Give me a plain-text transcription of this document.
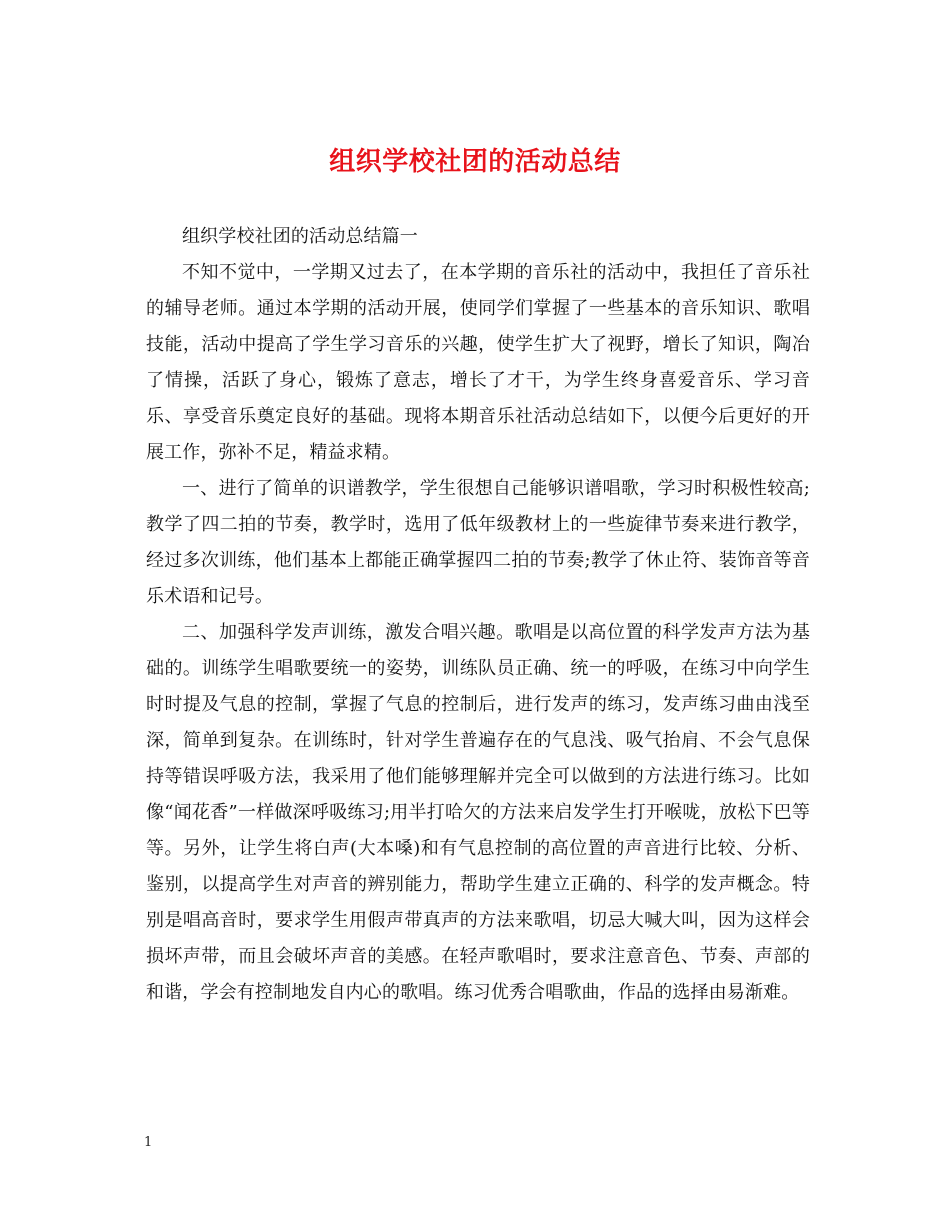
组织学校社团的活动总结

组织学校社团的活动总结篇一

不知不觉中，一学期又过去了，在本学期的音乐社的活动中，我担任了音乐社的辅导老师。通过本学期的活动开展，使同学们掌握了一些基本的音乐知识、歌唱技能，活动中提高了学生学习音乐的兴趣，使学生扩大了视野，增长了知识，陶冶了情操，活跃了身心，锻炼了意志，增长了才干，为学生终身喜爱音乐、学习音乐、享受音乐奠定良好的基础。现将本期音乐社活动总结如下，以便今后更好的开展工作，弥补不足，精益求精。

一、进行了简单的识谱教学，学生很想自己能够识谱唱歌，学习时积极性较高;教学了四二拍的节奏，教学时，选用了低年级教材上的一些旋律节奏来进行教学，经过多次训练，他们基本上都能正确掌握四二拍的节奏;教学了休止符、装饰音等音乐术语和记号。

二、加强科学发声训练，激发合唱兴趣。歌唱是以高位置的科学发声方法为基础的。训练学生唱歌要统一的姿势，训练队员正确、统一的呼吸，在练习中向学生时时提及气息的控制，掌握了气息的控制后，进行发声的练习，发声练习曲由浅至深，简单到复杂。在训练时，针对学生普遍存在的气息浅、吸气抬肩、不会气息保持等错误呼吸方法，我采用了他们能够理解并完全可以做到的方法进行练习。比如像“闻花香”一样做深呼吸练习;用半打哈欠的方法来启发学生打开喉咙，放松下巴等等。另外，让学生将白声(大本嗓)和有气息控制的高位置的声音进行比较、分析、鉴别，以提高学生对声音的辨别能力，帮助学生建立正确的、科学的发声概念。特别是唱高音时，要求学生用假声带真声的方法来歌唱，切忌大喊大叫，因为这样会损坏声带，而且会破坏声音的美感。在轻声歌唱时，要求注意音色、节奏、声部的和谐，学会有控制地发自内心的歌唱。练习优秀合唱歌曲，作品的选择由易渐难。

1
